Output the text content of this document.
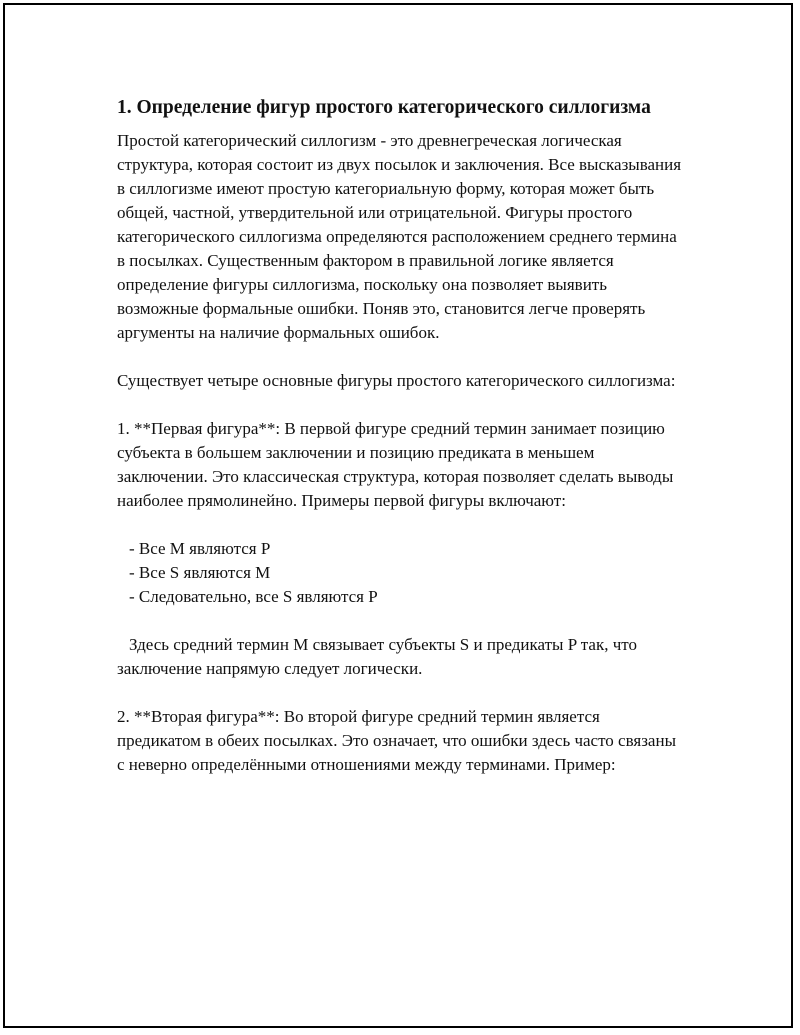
1. Определение фигур простого категорического силлогизма

Простой категорический силлогизм - это древнегреческая логическая структура, которая состоит из двух посылок и заключения. Все высказывания в силлогизме имеют простую категориальную форму, которая может быть общей, частной, утвердительной или отрицательной. Фигуры простого категорического силлогизма определяются расположением среднего термина в посылках. Существенным фактором в правильной логике является определение фигуры силлогизма, поскольку она позволяет выявить возможные формальные ошибки. Поняв это, становится легче проверять аргументы на наличие формальных ошибок.

Существует четыре основные фигуры простого категорического силлогизма:

1. **Первая фигура**: В первой фигуре средний термин занимает позицию субъекта в большем заключении и позицию предиката в меньшем заключении. Это классическая структура, которая позволяет сделать выводы наиболее прямолинейно. Примеры первой фигуры включают:

- Все M являются P
- Все S являются M
- Следовательно, все S являются P

Здесь средний термин M связывает субъекты S и предикаты P так, что заключение напрямую следует логически.

2. **Вторая фигура**: Во второй фигуре средний термин является предикатом в обеих посылках. Это означает, что ошибки здесь часто связаны с неверно определёнными отношениями между терминами. Пример:
